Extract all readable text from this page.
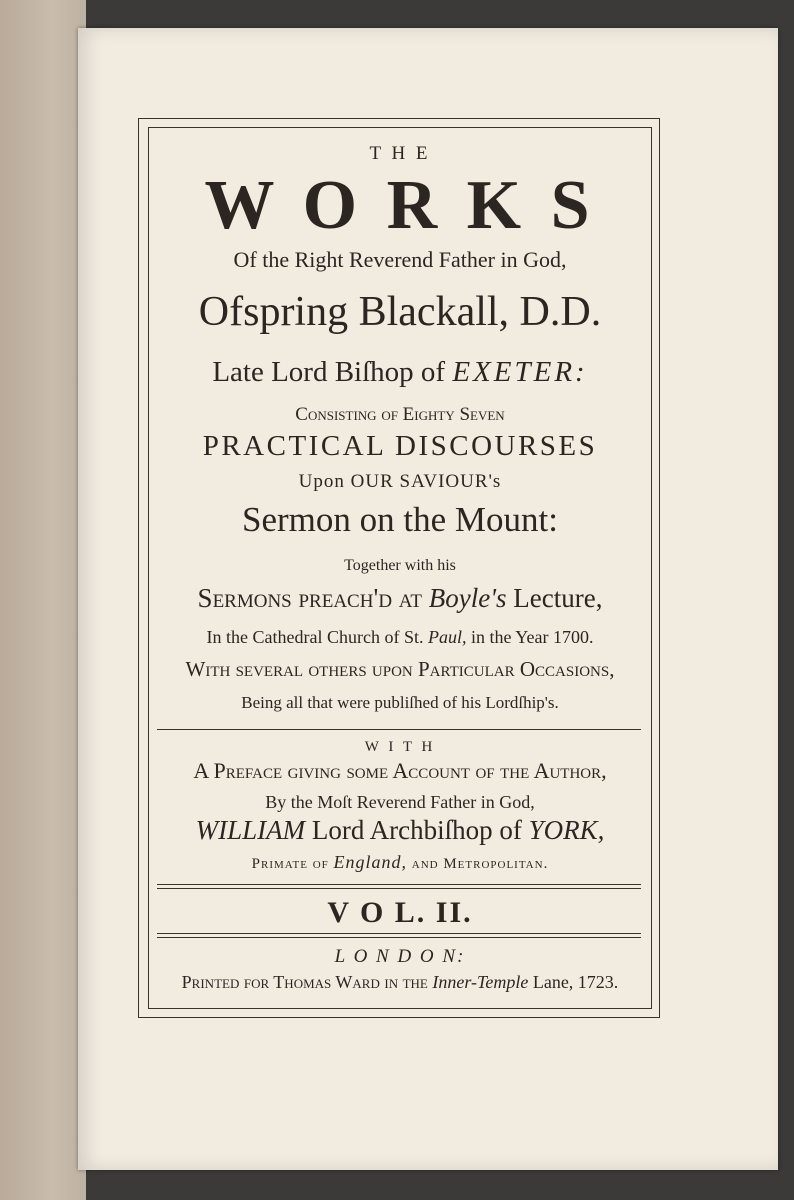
T H E
W O R K S
Of the Right Reverend Father in God,
Ofspring Blackall, D.D.
Late Lord Biſhop of EXETER:
Conſiſting of Eighty Seven
PRACTICAL DISCOURSES
Upon OUR SAVIOUR's
Sermon on the Mount:
Together with his
Sermons preach'd at Boyle's Lecture,
In the Cathedral Church of St. Paul, in the Year 1700.
With ſeveral others upon Particular Occasions,
Being all that were publiſhed of his Lordſhip's.
W I T H
A Preface giving ſome Account of the Author,
By the Moſt Reverend Father in God,
WILLIAM Lord Archbiſhop of YORK,
Primate of England, and Metropolitan.
V O L. II.
L O N D O N:
Printed for Thomas Ward in the Inner-Temple Lane, 1723.
